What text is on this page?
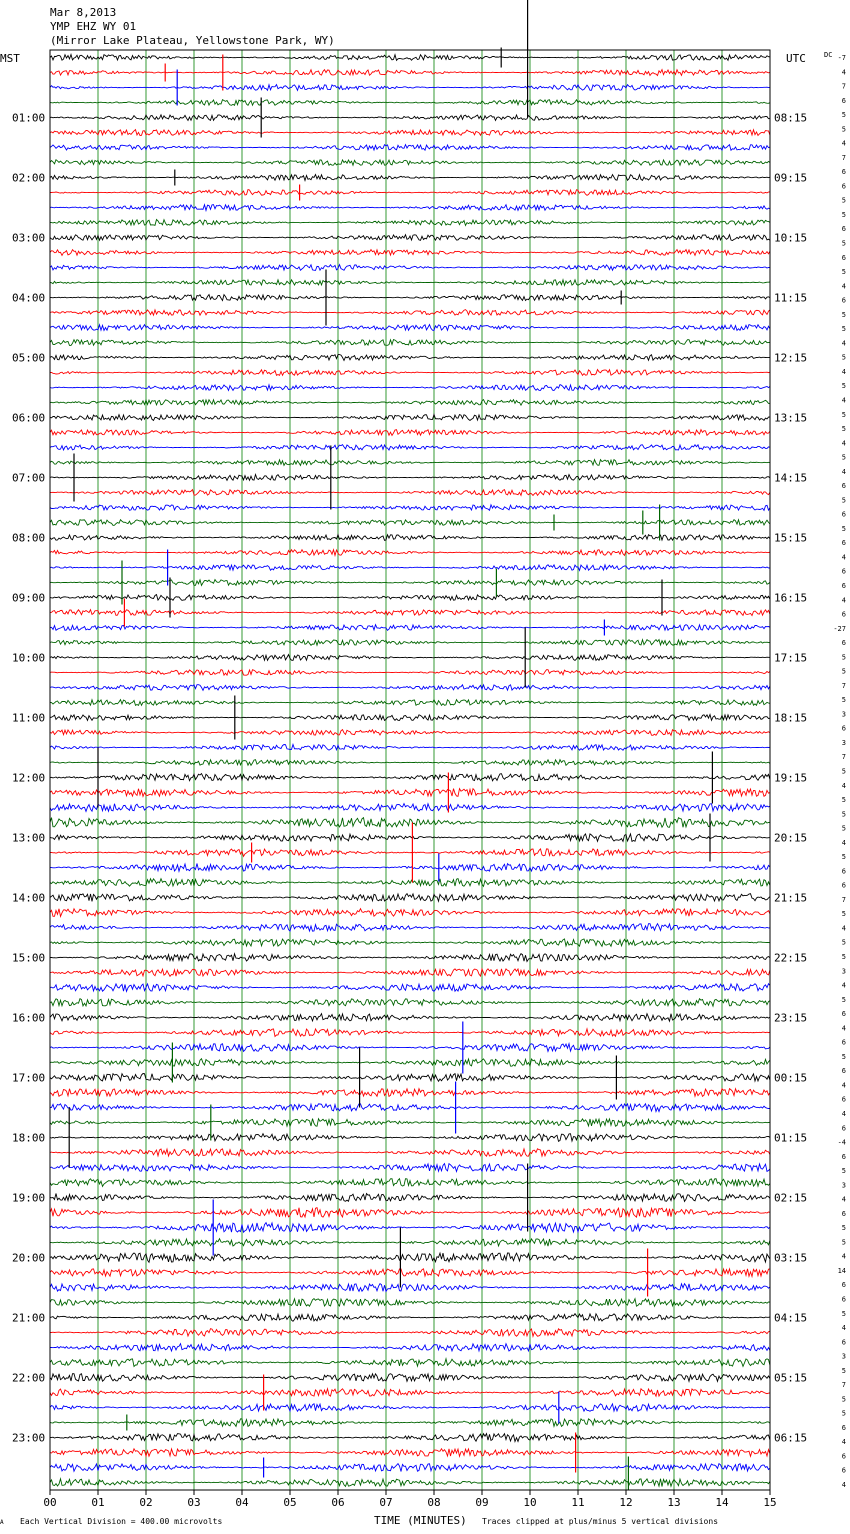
Mar 8,2013
YMP EHZ WY 01
(Mirror Lake Plateau, Yellowstone Park, WY)
MST	UTC
01:00	08:15
02:00	09:15
03:00	10:15
04:00	11:15
05:00	12:15
06:00	13:15
07:00	14:15
08:00	15:15
09:00	16:15
10:00	17:15
11:00	18:15
12:00	19:15
13:00	20:15
14:00	21:15
15:00	22:15
16:00	23:15
17:00	00:15
18:00	01:15
19:00	02:15
20:00	03:15
21:00	04:15
22:00	05:15
23:00	06:15
DC -7
4
7
6
5
5
4
7
6
6
5
5
6
5
6
5
4
6
5
5
4
5
4
5
4
5
5
4
5
4
6
5
6
5
6
4
6
6
4
6
-27
6
5
5
7
5
3
6
3
7
5
4
5
5
5
4
5
6
6
7
5
4
5
5
3
4
5
6
4
6
5
6
4
6
4
6
-4
6
5
3
4
6
5
5
4
14
6
6
5
4
6
3
5
7
5
5
6
4
6
6
4
00	01	02	03	04	05	06	07	08	09	10	11	12	13	14	15
A Each Vertical Division = 400.00 microvolts	TIME (MINUTES) Traces clipped at plus/minus 5 vertical divisions
